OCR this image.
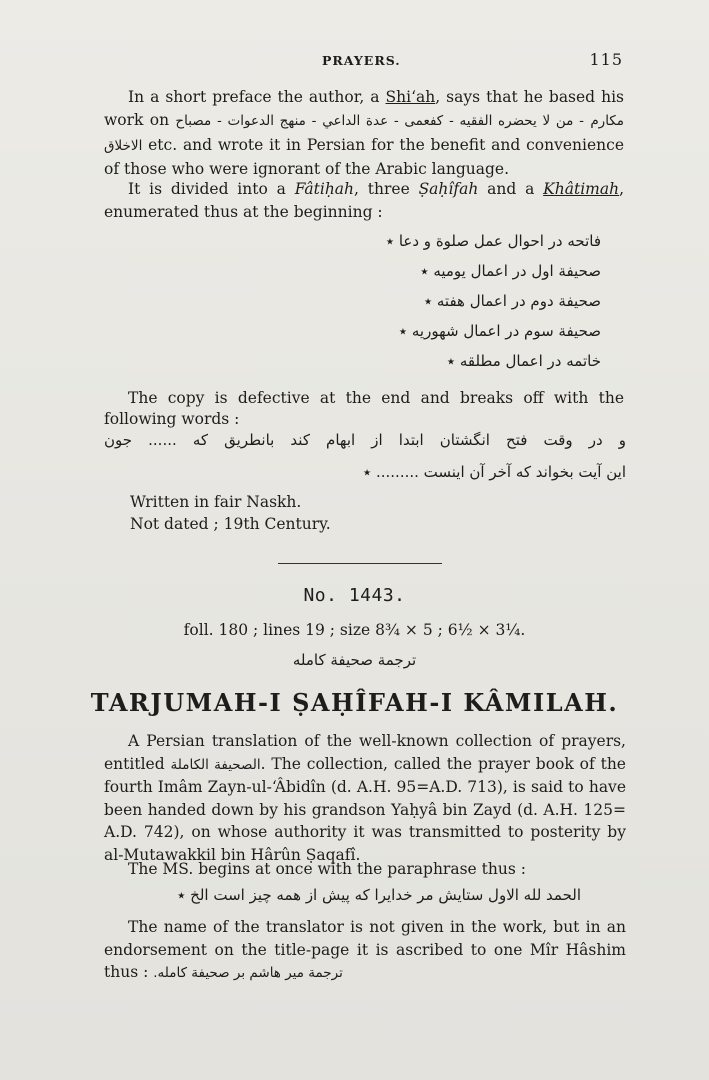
PRAYERS.	115
In a short preface the author, a Shi‘ah, says that he based his work on - من لا يحضره الفقيه - كفعمى - عدة الداعي - منهج الدعوات - مصباح مكارم الاخلاق etc. and wrote it in Persian for the benefit and convenience of those who were ignorant of the Arabic language.
It is divided into a Fâtiḥah, three Ṣaḥîfah and a Khâtimah, enumerated thus at the beginning :
فاتحه در احوال عمل صلوة و دعا ٭
صحيفة اول در اعمال يوميه ٭
صحيفة دوم در اعمال هفته ٭
صحيفة سوم در اعمال شهوريه ٭
خاتمه در اعمال مطلقه ٭
The copy is defective at the end and breaks off with the following words :
و در وقت فتح انگشتان ابتدا از ابهام كند بانطريق كه ...... جون
اين آيت بخواند كه آخر آن اينست ......... ٭
Written in fair Naskh.
Not dated ; 19th Century.
No. 1443.
foll. 180 ; lines 19 ; size 8¾ × 5 ; 6½ × 3¼.
ترجمة صحيفة كامله
TARJUMAH-I ṢAḤÎFAH-I KÂMILAH.
A Persian translation of the well-known collection of prayers, entitled الصحيفة الكاملة. The collection, called the prayer book of the fourth Imâm Zayn-ul-‘Âbidîn (d. A.H. 95=A.D. 713), is said to have been handed down by his grandson Yaḥyâ bin Zayd (d. A.H. 125= A.D. 742), on whose authority it was transmitted to posterity by al-Mutawakkil bin Hârûn Ṣaqafî.
The MS. begins at once with the paraphrase thus :
الحمد لله الاول ستايش مر خدايرا كه پيش از همه چيز است الخ ٭
The name of the translator is not given in the work, but in an endorsement on the title-page it is ascribed to one Mîr Hâshim thus : ترجمة مير هاشم بر صحيفة كامله.
